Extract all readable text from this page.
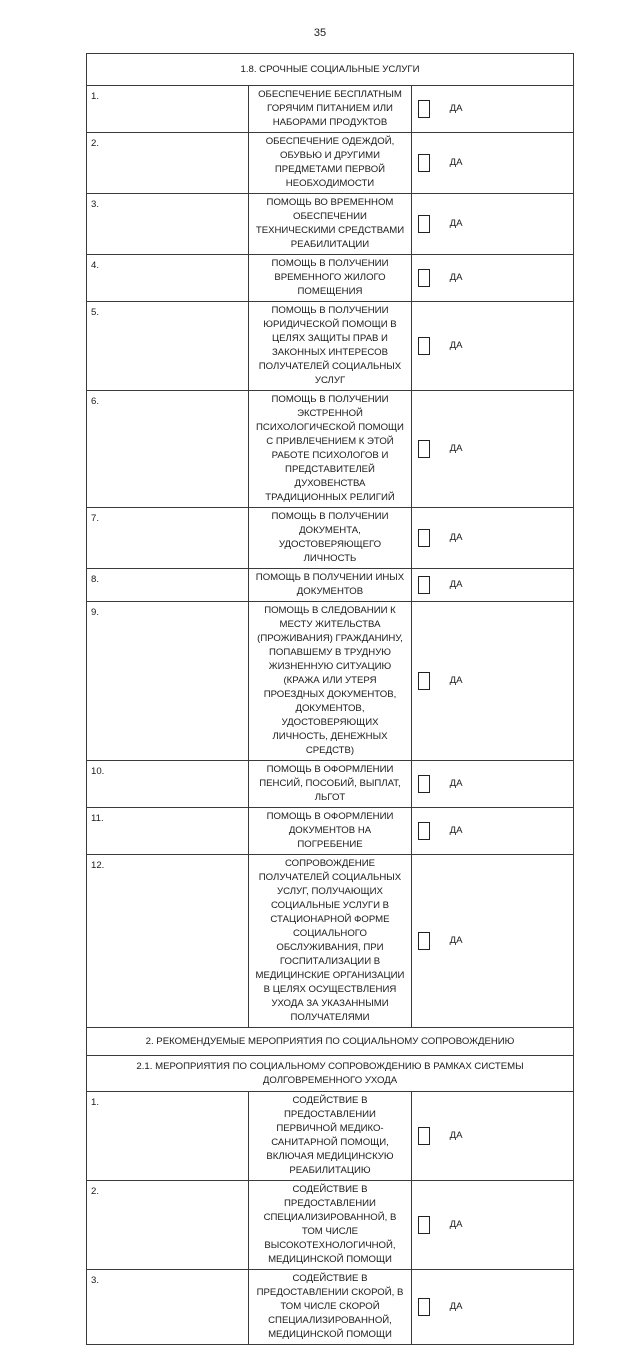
35
1.8. СРОЧНЫЕ СОЦИАЛЬНЫЕ УСЛУГИ		
1.	ОБЕСПЕЧЕНИЕ БЕСПЛАТНЫМ ГОРЯЧИМ ПИТАНИЕМ ИЛИ НАБОРАМИ ПРОДУКТОВ	ДА

2.	ОБЕСПЕЧЕНИЕ ОДЕЖДОЙ, ОБУВЬЮ И ДРУГИМИ ПРЕДМЕТАМИ ПЕРВОЙ НЕОБХОДИМОСТИ	ДА

3.	ПОМОЩЬ ВО ВРЕМЕННОМ ОБЕСПЕЧЕНИИ ТЕХНИЧЕСКИМИ СРЕДСТВАМИ РЕАБИЛИТАЦИИ	ДА

4.	ПОМОЩЬ В ПОЛУЧЕНИИ ВРЕМЕННОГО ЖИЛОГО ПОМЕЩЕНИЯ	ДА

5.	ПОМОЩЬ В ПОЛУЧЕНИИ ЮРИДИЧЕСКОЙ ПОМОЩИ В ЦЕЛЯХ ЗАЩИТЫ ПРАВ И ЗАКОННЫХ ИНТЕРЕСОВ ПОЛУЧАТЕЛЕЙ СОЦИАЛЬНЫХ УСЛУГ	ДА

6.	ПОМОЩЬ В ПОЛУЧЕНИИ ЭКСТРЕННОЙ ПСИХОЛОГИЧЕСКОЙ ПОМОЩИ С ПРИВЛЕЧЕНИЕМ К ЭТОЙ РАБОТЕ ПСИХОЛОГОВ И ПРЕДСТАВИТЕЛЕЙ ДУХОВЕНСТВА ТРАДИЦИОННЫХ РЕЛИГИЙ	ДА

7.	ПОМОЩЬ В ПОЛУЧЕНИИ ДОКУМЕНТА, УДОСТОВЕРЯЮЩЕГО ЛИЧНОСТЬ	ДА

8.	ПОМОЩЬ В ПОЛУЧЕНИИ ИНЫХ ДОКУМЕНТОВ	ДА

9.	ПОМОЩЬ В СЛЕДОВАНИИ К МЕСТУ ЖИТЕЛЬСТВА (ПРОЖИВАНИЯ) ГРАЖДАНИНУ, ПОПАВШЕМУ В ТРУДНУЮ ЖИЗНЕННУЮ СИТУАЦИЮ (КРАЖА ИЛИ УТЕРЯ ПРОЕЗДНЫХ ДОКУМЕНТОВ, ДОКУМЕНТОВ, УДОСТОВЕРЯЮЩИХ ЛИЧНОСТЬ, ДЕНЕЖНЫХ СРЕДСТВ)	ДА

10.	ПОМОЩЬ В ОФОРМЛЕНИИ ПЕНСИЙ, ПОСОБИЙ, ВЫПЛАТ, ЛЬГОТ	ДА

11.	ПОМОЩЬ В ОФОРМЛЕНИИ ДОКУМЕНТОВ НА ПОГРЕБЕНИЕ	ДА

12.	СОПРОВОЖДЕНИЕ ПОЛУЧАТЕЛЕЙ СОЦИАЛЬНЫХ УСЛУГ, ПОЛУЧАЮЩИХ СОЦИАЛЬНЫЕ УСЛУГИ В СТАЦИОНАРНОЙ ФОРМЕ СОЦИАЛЬНОГО ОБСЛУЖИВАНИЯ, ПРИ ГОСПИТАЛИЗАЦИИ В МЕДИЦИНСКИЕ ОРГАНИЗАЦИИ В ЦЕЛЯХ ОСУЩЕСТВЛЕНИЯ УХОДА ЗА УКАЗАННЫМИ ПОЛУЧАТЕЛЯМИ	ДА

2. РЕКОМЕНДУЕМЫЕ МЕРОПРИЯТИЯ ПО СОЦИАЛЬНОМУ СОПРОВОЖДЕНИЮ		
2.1. МЕРОПРИЯТИЯ ПО СОЦИАЛЬНОМУ СОПРОВОЖДЕНИЮ В РАМКАХ СИСТЕМЫ ДОЛГОВРЕМЕННОГО УХОДА		
1.	СОДЕЙСТВИЕ В ПРЕДОСТАВЛЕНИИ ПЕРВИЧНОЙ МЕДИКО-САНИТАРНОЙ ПОМОЩИ, ВКЛЮЧАЯ МЕДИЦИНСКУЮ РЕАБИЛИТАЦИЮ	ДА

2.	СОДЕЙСТВИЕ В ПРЕДОСТАВЛЕНИИ СПЕЦИАЛИЗИРОВАННОЙ, В ТОМ ЧИСЛЕ ВЫСОКОТЕХНОЛОГИЧНОЙ, МЕДИЦИНСКОЙ ПОМОЩИ	ДА

3.	СОДЕЙСТВИЕ В ПРЕДОСТАВЛЕНИИ СКОРОЙ, В ТОМ ЧИСЛЕ СКОРОЙ СПЕЦИАЛИЗИРОВАННОЙ, МЕДИЦИНСКОЙ ПОМОЩИ	ДА
